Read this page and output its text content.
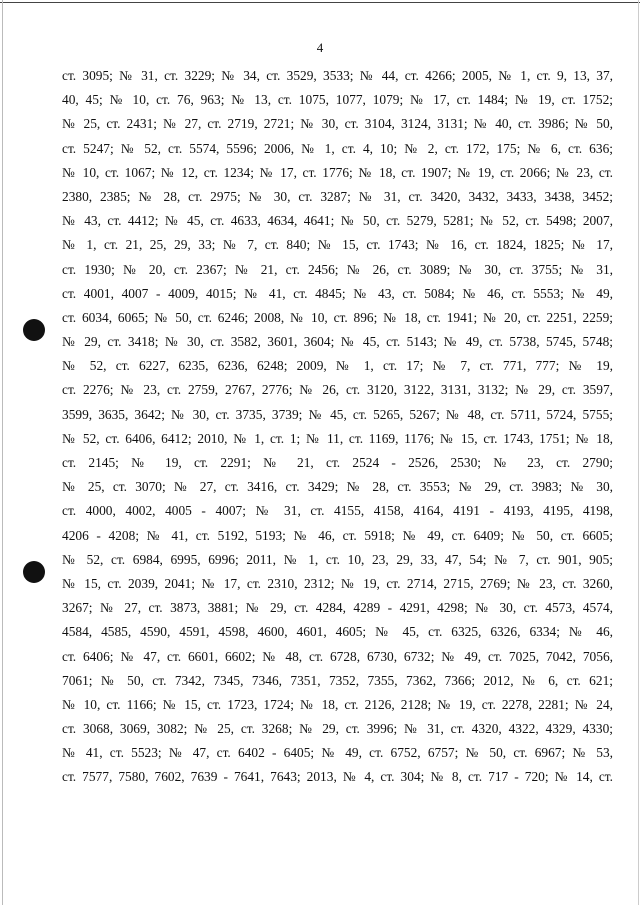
4
ст. 3095; № 31, ст. 3229; № 34, ст. 3529, 3533; № 44, ст. 4266; 2005, № 1, ст. 9, 13, 37,
40, 45; № 10, ст. 76, 963; № 13, ст. 1075, 1077, 1079; № 17, ст. 1484; № 19, ст. 1752;
№ 25, ст. 2431; № 27, ст. 2719, 2721; № 30, ст. 3104, 3124, 3131; № 40, ст. 3986; № 50,
ст. 5247; № 52, ст. 5574, 5596; 2006, № 1, ст. 4, 10; № 2, ст. 172, 175; № 6, ст. 636;
№ 10, ст. 1067; № 12, ст. 1234; № 17, ст. 1776; № 18, ст. 1907; № 19, ст. 2066; № 23, ст.
2380, 2385; № 28, ст. 2975; № 30, ст. 3287; № 31, ст. 3420, 3432, 3433, 3438, 3452;
№ 43, ст. 4412; № 45, ст. 4633, 4634, 4641; № 50, ст. 5279, 5281; № 52, ст. 5498; 2007,
№ 1, ст. 21, 25, 29, 33; № 7, ст. 840; № 15, ст. 1743; № 16, ст. 1824, 1825; № 17,
ст. 1930; № 20, ст. 2367; № 21, ст. 2456; № 26, ст. 3089; № 30, ст. 3755; № 31,
ст. 4001, 4007 - 4009, 4015; № 41, ст. 4845; № 43, ст. 5084; № 46, ст. 5553; № 49,
ст. 6034, 6065; № 50, ст. 6246; 2008, № 10, ст. 896; № 18, ст. 1941; № 20, ст. 2251, 2259;
№ 29, ст. 3418; № 30, ст. 3582, 3601, 3604; № 45, ст. 5143; № 49, ст. 5738, 5745, 5748;
№ 52, ст. 6227, 6235, 6236, 6248; 2009, № 1, ст. 17; № 7, ст. 771, 777; № 19,
ст. 2276; № 23, ст. 2759, 2767, 2776; № 26, ст. 3120, 3122, 3131, 3132; № 29, ст. 3597,
3599, 3635, 3642; № 30, ст. 3735, 3739; № 45, ст. 5265, 5267; № 48, ст. 5711, 5724, 5755;
№ 52, ст. 6406, 6412; 2010, № 1, ст. 1; № 11, ст. 1169, 1176; № 15, ст. 1743, 1751; № 18,
ст. 2145; № 19, ст. 2291; № 21, ст. 2524 - 2526, 2530; № 23, ст. 2790;
№ 25, ст. 3070; № 27, ст. 3416, ст. 3429; № 28, ст. 3553; № 29, ст. 3983; № 30,
ст. 4000, 4002, 4005 - 4007; № 31, ст. 4155, 4158, 4164, 4191 - 4193, 4195, 4198,
4206 - 4208; № 41, ст. 5192, 5193; № 46, ст. 5918; № 49, ст. 6409; № 50, ст. 6605;
№ 52, ст. 6984, 6995, 6996; 2011, № 1, ст. 10, 23, 29, 33, 47, 54; № 7, ст. 901, 905;
№ 15, ст. 2039, 2041; № 17, ст. 2310, 2312; № 19, ст. 2714, 2715, 2769; № 23, ст. 3260,
3267; № 27, ст. 3873, 3881; № 29, ст. 4284, 4289 - 4291, 4298; № 30, ст. 4573, 4574,
4584, 4585, 4590, 4591, 4598, 4600, 4601, 4605; № 45, ст. 6325, 6326, 6334; № 46,
ст. 6406; № 47, ст. 6601, 6602; № 48, ст. 6728, 6730, 6732; № 49, ст. 7025, 7042, 7056,
7061; № 50, ст. 7342, 7345, 7346, 7351, 7352, 7355, 7362, 7366; 2012, № 6, ст. 621;
№ 10, ст. 1166; № 15, ст. 1723, 1724; № 18, ст. 2126, 2128; № 19, ст. 2278, 2281; № 24,
ст. 3068, 3069, 3082; № 25, ст. 3268; № 29, ст. 3996; № 31, ст. 4320, 4322, 4329, 4330;
№ 41, ст. 5523; № 47, ст. 6402 - 6405; № 49, ст. 6752, 6757; № 50, ст. 6967; № 53,
ст. 7577, 7580, 7602, 7639 - 7641, 7643; 2013, № 4, ст. 304; № 8, ст. 717 - 720; № 14, ст.
